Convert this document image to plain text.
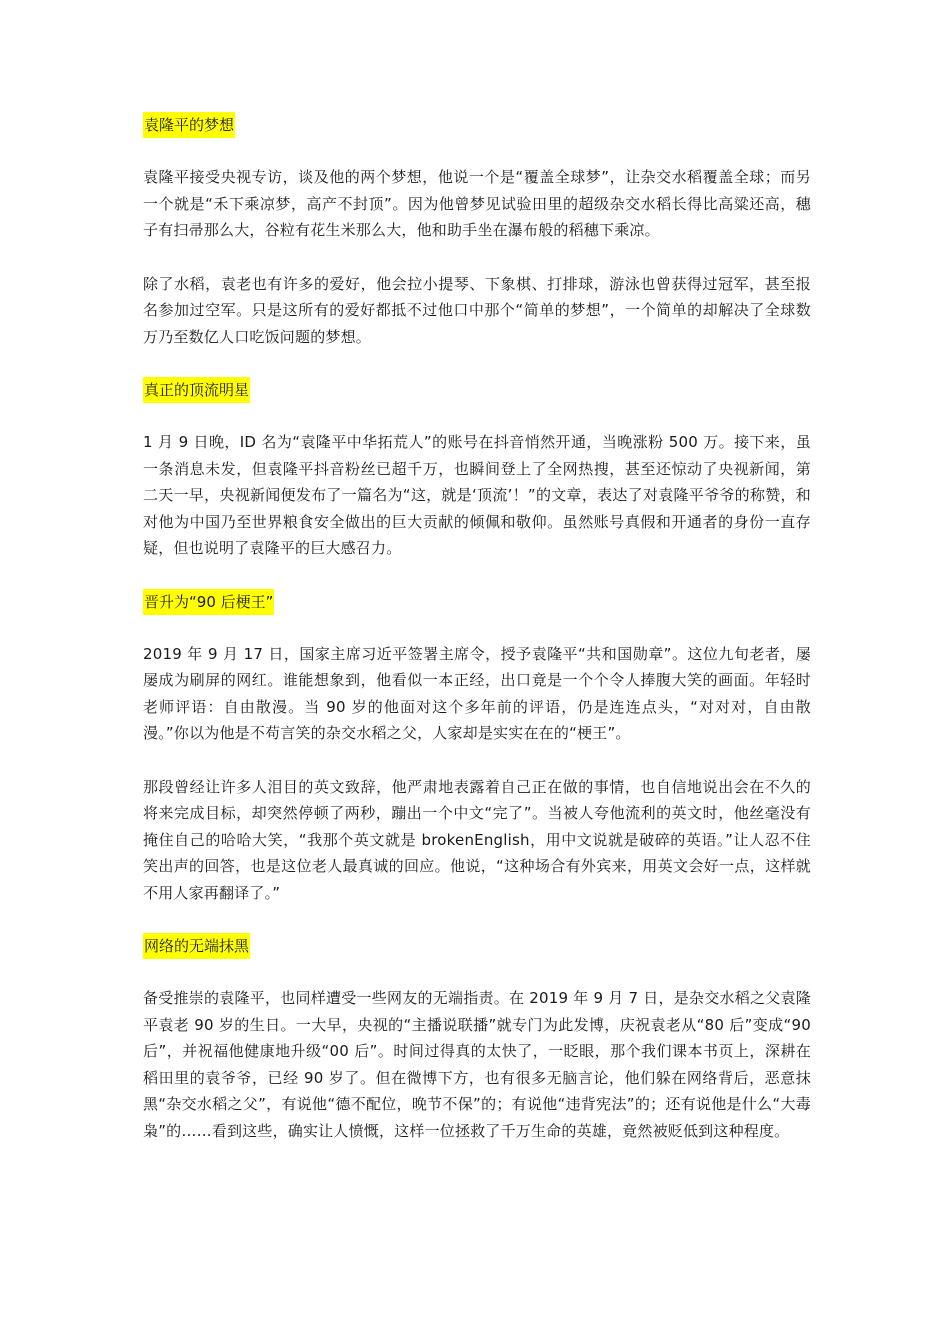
袁隆平的梦想

袁隆平接受央视专访，谈及他的两个梦想，他说一个是“覆盖全球梦”，让杂交水稻覆盖全球；而另一个就是“禾下乘凉梦，高产不封顶”。因为他曾梦见试验田里的超级杂交水稻长得比高粱还高，穗子有扫帚那么大，谷粒有花生米那么大，他和助手坐在瀑布般的稻穗下乘凉。

除了水稻，袁老也有许多的爱好，他会拉小提琴、下象棋、打排球，游泳也曾获得过冠军，甚至报名参加过空军。只是这所有的爱好都抵不过他口中那个“简单的梦想”，一个简单的却解决了全球数万乃至数亿人口吃饭问题的梦想。

真正的顶流明星

1 月 9 日晚，ID 名为“袁隆平中华拓荒人”的账号在抖音悄然开通，当晚涨粉 500 万。接下来，虽一条消息未发，但袁隆平抖音粉丝已超千万，也瞬间登上了全网热搜，甚至还惊动了央视新闻，第二天一早，央视新闻便发布了一篇名为“这，就是‘顶流’！”的文章，表达了对袁隆平爷爷的称赞，和对他为中国乃至世界粮食安全做出的巨大贡献的倾佩和敬仰。虽然账号真假和开通者的身份一直存疑，但也说明了袁隆平的巨大感召力。

晋升为“90 后梗王”

2019 年 9 月 17 日，国家主席习近平签署主席令，授予袁隆平“共和国勋章”。这位九旬老者，屡屡成为刷屏的网红。谁能想象到，他看似一本正经，出口竟是一个个令人捧腹大笑的画面。年轻时老师评语：自由散漫。当 90 岁的他面对这个多年前的评语，仍是连连点头，“对对对，自由散漫。”你以为他是不苟言笑的杂交水稻之父，人家却是实实在在的“梗王”。

那段曾经让许多人泪目的英文致辞，他严肃地表露着自己正在做的事情，也自信地说出会在不久的将来完成目标，却突然停顿了两秒，蹦出一个中文“完了”。当被人夸他流利的英文时，他丝毫没有掩住自己的哈哈大笑，“我那个英文就是 brokenEnglish，用中文说就是破碎的英语。”让人忍不住笑出声的回答，也是这位老人最真诚的回应。他说，“这种场合有外宾来，用英文会好一点，这样就不用人家再翻译了。”

网络的无端抹黑

备受推崇的袁隆平，也同样遭受一些网友的无端指责。在 2019 年 9 月 7 日，是杂交水稻之父袁隆平袁老 90 岁的生日。一大早，央视的“主播说联播”就专门为此发博，庆祝袁老从“80 后”变成“90 后”，并祝福他健康地升级“00 后”。时间过得真的太快了，一眨眼，那个我们课本书页上，深耕在稻田里的袁爷爷，已经 90 岁了。但在微博下方，也有很多无脑言论，他们躲在网络背后，恶意抹黑“杂交水稻之父”，有说他“德不配位，晚节不保”的；有说他“违背宪法”的；还有说他是什么“大毒枭”的……看到这些，确实让人愤慨，这样一位拯救了千万生命的英雄，竟然被贬低到这种程度。
